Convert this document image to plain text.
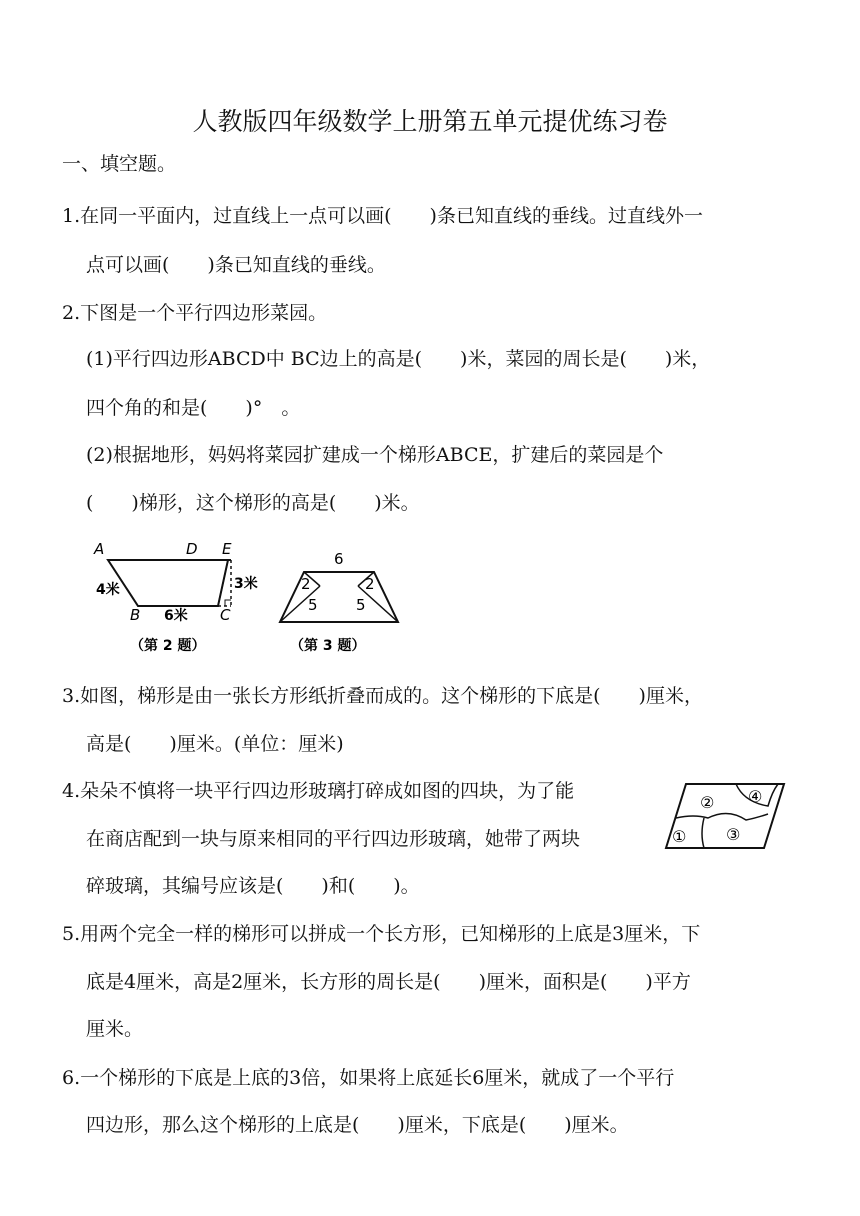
人教版四年级数学上册第五单元提优练习卷
一、填空题。
1.在同一平面内，过直线上一点可以画(　　)条已知直线的垂线。过直线外一
点可以画(　　)条已知直线的垂线。
2.下图是一个平行四边形菜园。
(1)平行四边形ABCD中 BC边上的高是(　　)米，菜园的周长是(　　)米，
四个角的和是(　　)°　。
(2)根据地形，妈妈将菜园扩建成一个梯形ABCE，扩建后的菜园是个
(　　)梯形，这个梯形的高是(　　)米。
A	D E
B	C
4米
6米
3米
（第 2 题）
6
2	2
5	5
（第 3 题）
3.如图，梯形是由一张长方形纸折叠而成的。这个梯形的下底是(　　)厘米，
高是(　　)厘米。(单位：厘米)
4.朵朵不慎将一块平行四边形玻璃打碎成如图的四块，为了能
在商店配到一块与原来相同的平行四边形玻璃，她带了两块
碎玻璃，其编号应该是(　　)和(　　)。
② ④
① ③
5.用两个完全一样的梯形可以拼成一个长方形，已知梯形的上底是3厘米，下
底是4厘米，高是2厘米，长方形的周长是(　　)厘米，面积是(　　)平方
厘米。
6.一个梯形的下底是上底的3倍，如果将上底延长6厘米，就成了一个平行
四边形，那么这个梯形的上底是(　　)厘米，下底是(　　)厘米。
